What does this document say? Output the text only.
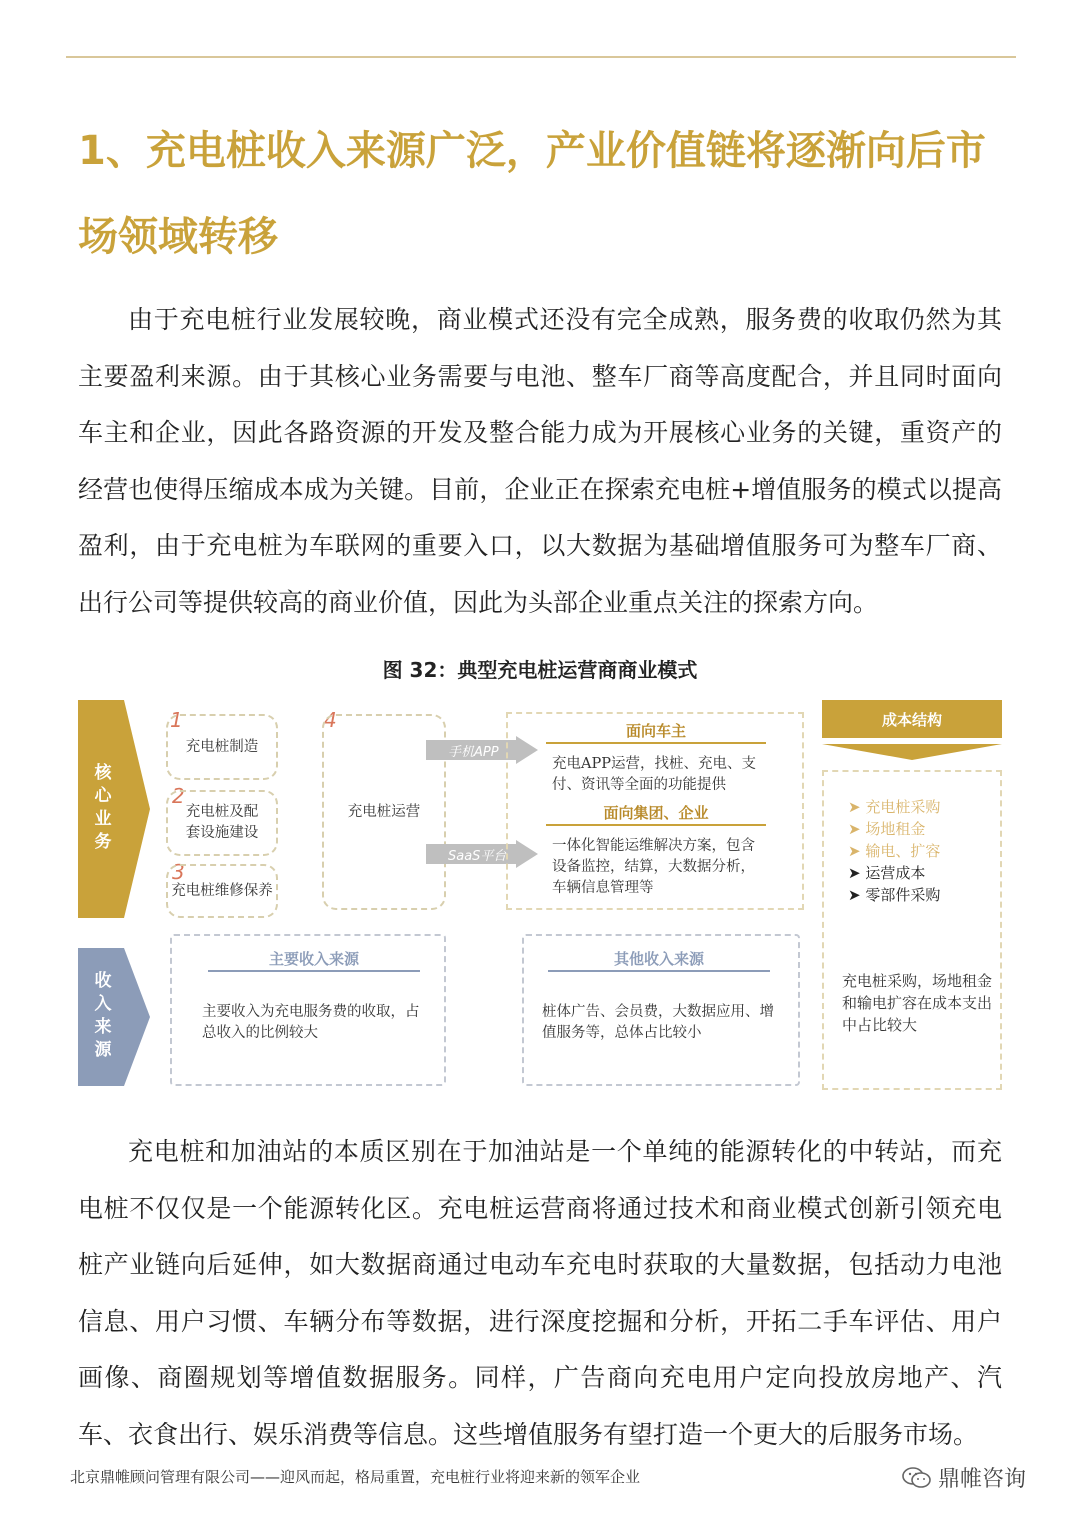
1、充电桩收入来源广泛，产业价值链将逐渐向后市场领域转移

由于充电桩行业发展较晚，商业模式还没有完全成熟，服务费的收取仍然为其主要盈利来源。由于其核心业务需要与电池、整车厂商等高度配合，并且同时面向车主和企业，因此各路资源的开发及整合能力成为开展核心业务的关键，重资产的经营也使得压缩成本成为关键。目前，企业正在探索充电桩+增值服务的模式以提高盈利，由于充电桩为车联网的重要入口，以大数据为基础增值服务可为整车厂商、出行公司等提供较高的商业价值，因此为头部企业重点关注的探索方向。

图 32：典型充电桩运营商商业模式
核心业务
1
充电桩制造
2
充电桩及配套设施建设
3
充电桩维修保养
4
充电桩运营
手机APP
SaaS平台
面向车主
充电APP运营，找桩、充电、支付、资讯等全面的功能提供
面向集团、企业
一体化智能运维解决方案，包含设备监控，结算，大数据分析，车辆信息管理等
成本结构
➤ 充电桩采购
➤ 场地租金
➤ 输电、扩容
➤ 运营成本
➤ 零部件采购
充电桩采购，场地租金和输电扩容在成本支出中占比较大
收入来源
主要收入来源
主要收入为充电服务费的收取，占总收入的比例较大
其他收入来源
桩体广告、会员费，大数据应用、增值服务等，总体占比较小

充电桩和加油站的本质区别在于加油站是一个单纯的能源转化的中转站，而充电桩不仅仅是一个能源转化区。充电桩运营商将通过技术和商业模式创新引领充电桩产业链向后延伸，如大数据商通过电动车充电时获取的大量数据，包括动力电池信息、用户习惯、车辆分布等数据，进行深度挖掘和分析，开拓二手车评估、用户画像、商圈规划等增值数据服务。同样，广告商向充电用户定向投放房地产、汽车、衣食出行、娱乐消费等信息。这些增值服务有望打造一个更大的后服务市场。

北京鼎帷顾问管理有限公司——迎风而起，格局重置，充电桩行业将迎来新的领军企业	鼎帷咨询
